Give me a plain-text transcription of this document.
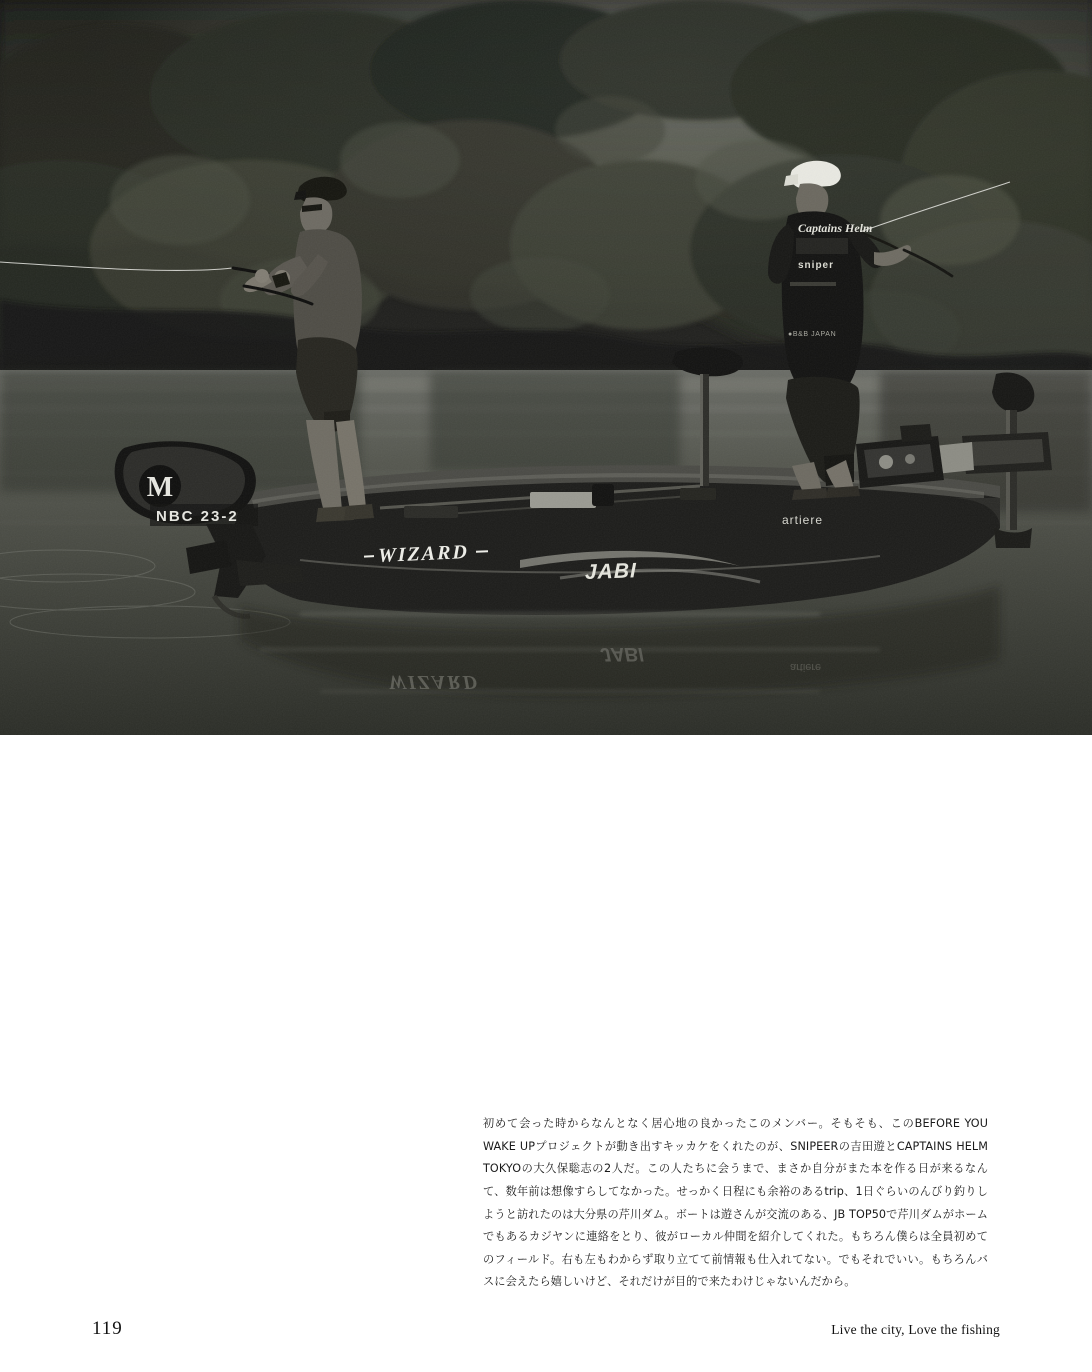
初めて会った時からなんとなく居心地の良かったこのメンバー。そもそも、このBEFORE YOU WAKE UPプロジェクトが動き出すキッカケをくれたのが、SNIPEERの吉田遊とCAPTAINS HELM TOKYOの大久保聡志の2人だ。この人たちに会うまで、まさか自分がまた本を作る日が来るなんて、数年前は想像すらしてなかった。せっかく日程にも余裕のあるtrip、1日ぐらいのんびり釣りしようと訪れたのは大分県の芹川ダム。ボートは遊さんが交流のある、JB TOP50で芹川ダムがホームでもあるカジヤンに連絡をとり、彼がローカル仲間を紹介してくれた。もちろん僕らは全員初めてのフィールド。右も左もわからず取り立てて前情報も仕入れてない。でもそれでいい。もちろんバスに会えたら嬉しいけど、それだけが目的で来たわけじゃないんだから。

119	Live the city, Love the fishing
